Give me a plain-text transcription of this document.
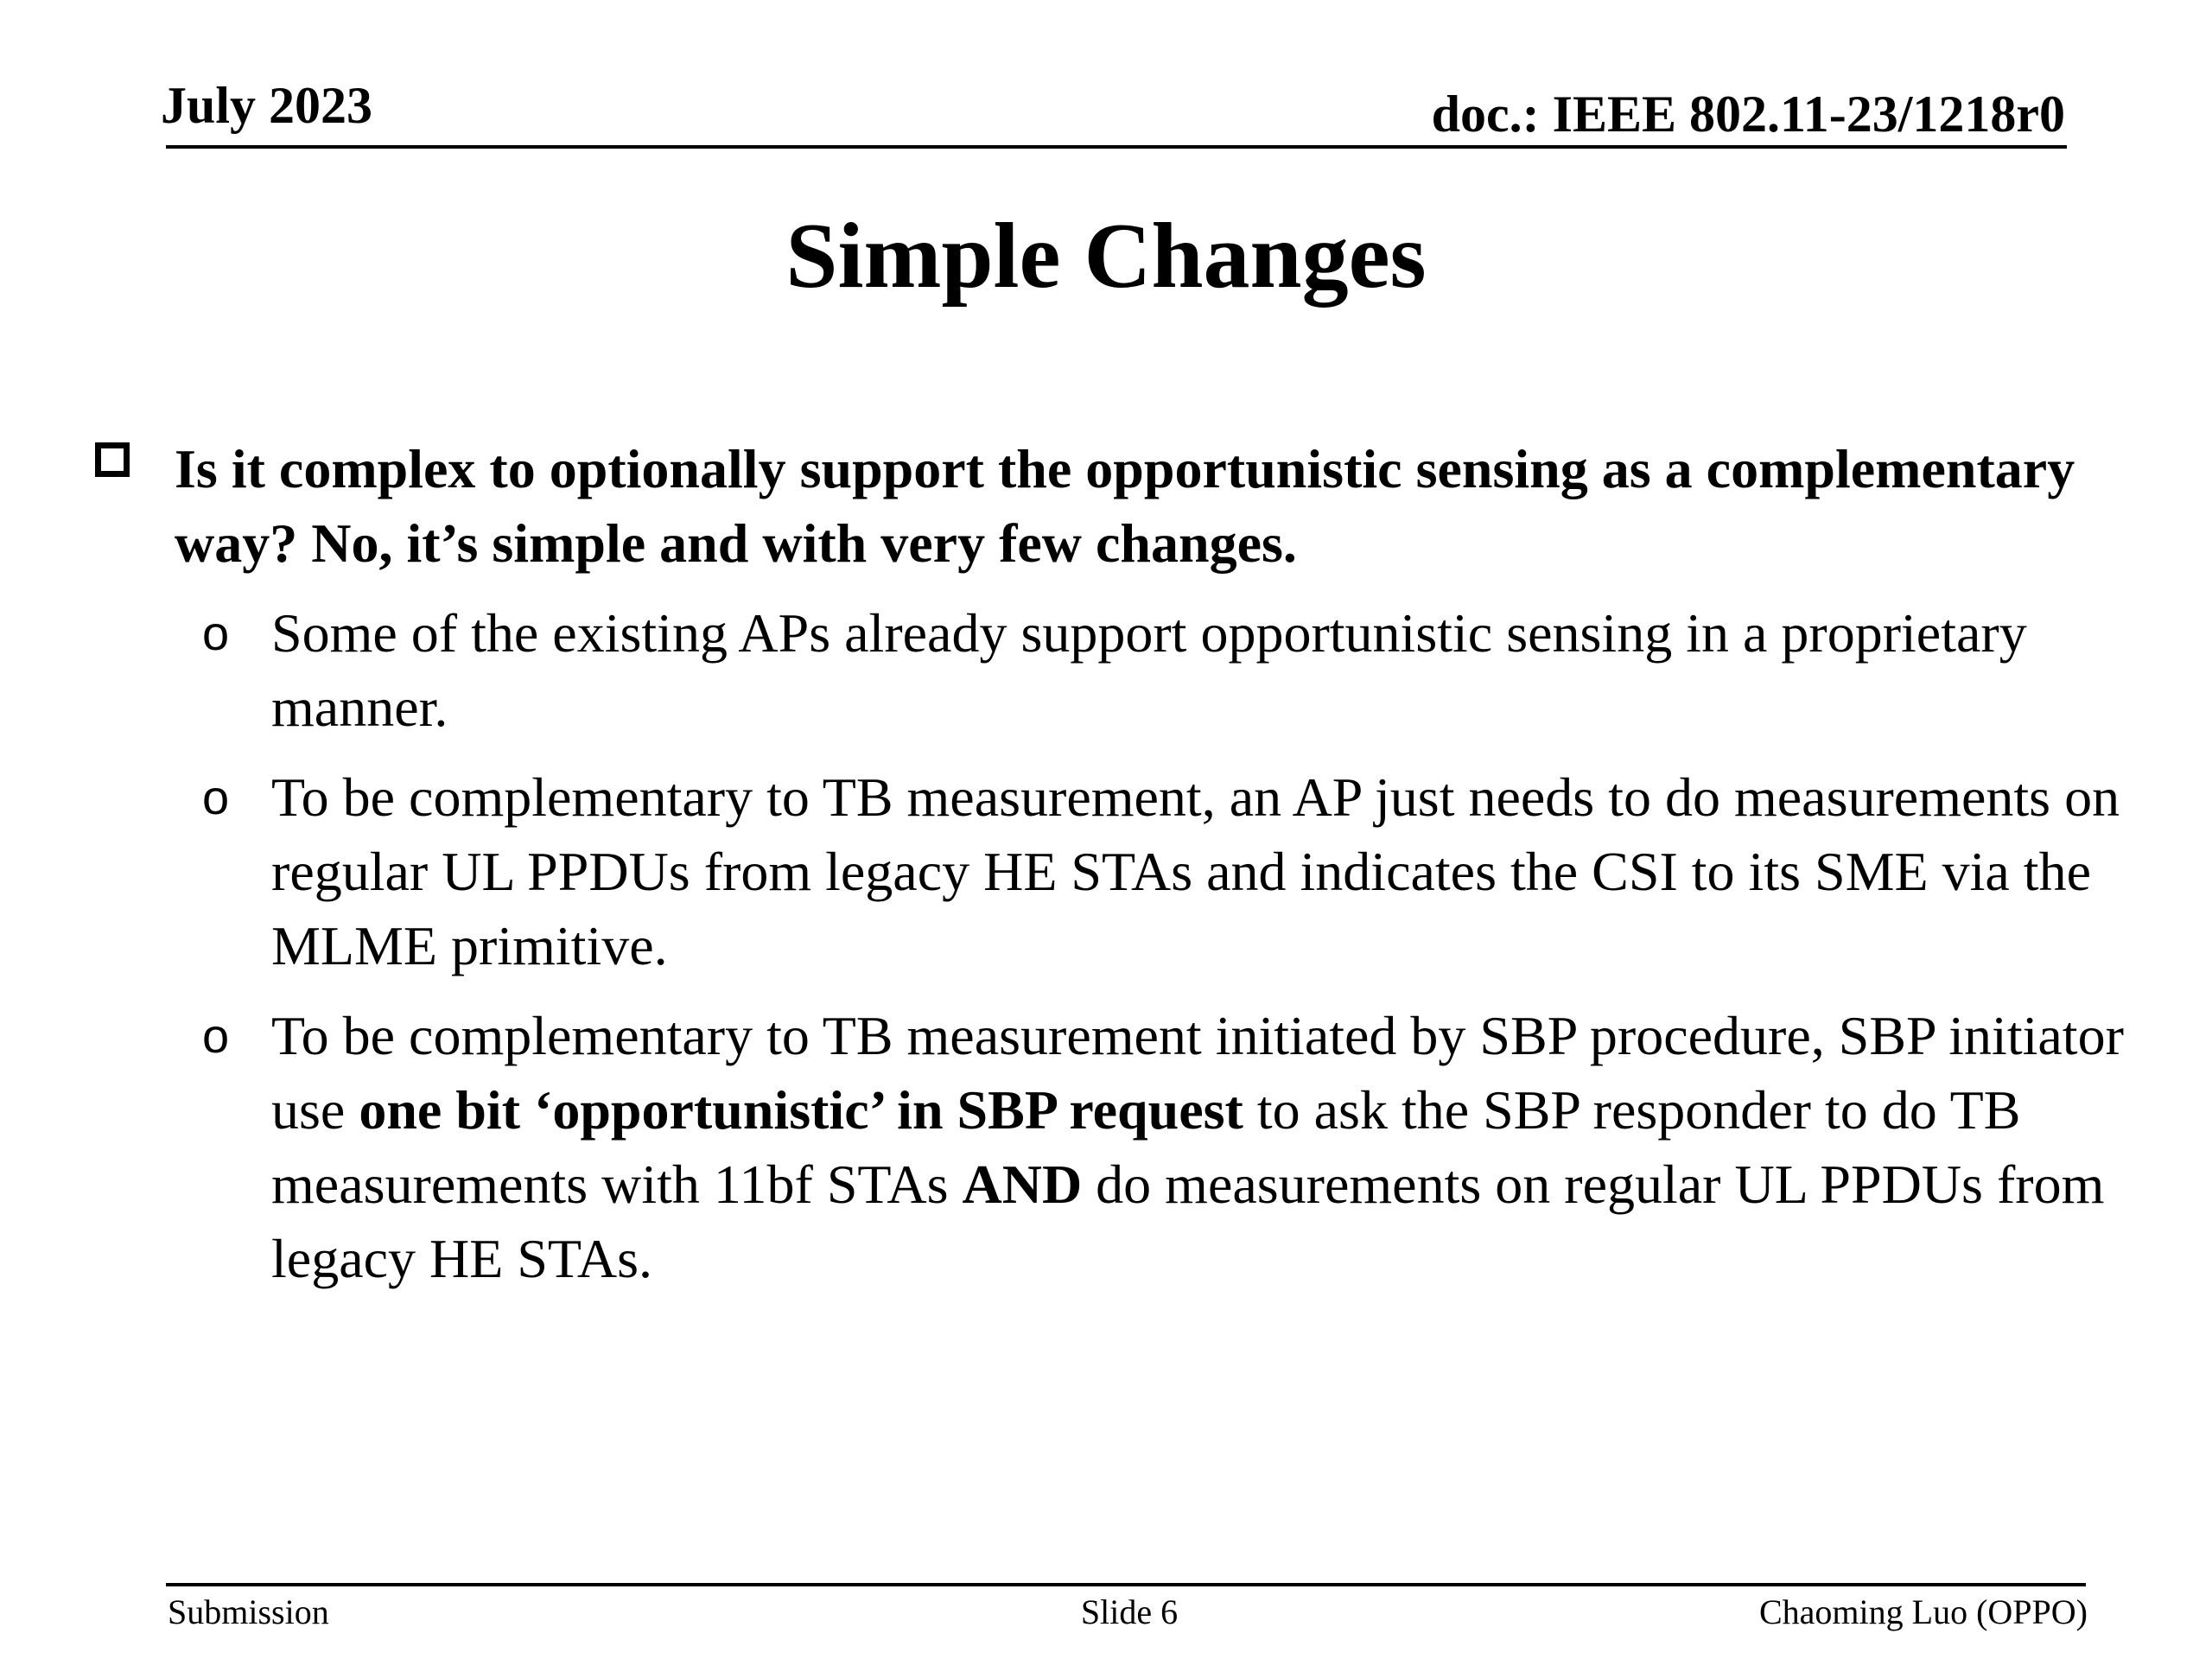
July 2023	doc.: IEEE 802.11-23/1218r0
Simple Changes
Is it complex to optionally support the opportunistic sensing as a complementary way? No, it’s simple and with very few changes.
o Some of the existing APs already support opportunistic sensing in a proprietary manner.
o To be complementary to TB measurement, an AP just needs to do measurements on regular UL PPDUs from legacy HE STAs and indicates the CSI to its SME via the MLME primitive.
o To be complementary to TB measurement initiated by SBP procedure, SBP initiator use one bit ‘opportunistic’ in SBP request to ask the SBP responder to do TB measurements with 11bf STAs AND do measurements on regular UL PPDUs from legacy HE STAs.
Submission	Slide 6	Chaoming Luo (OPPO)
